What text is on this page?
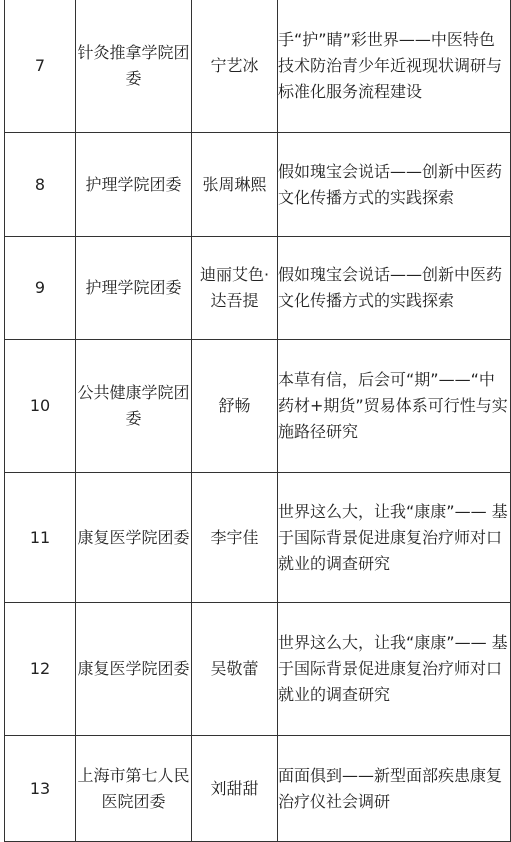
7	针灸推拿学院团委	宁艺冰	手“护”睛”彩世界——中医特色技术防治青少年近视现状调研与标准化服务流程建设
8	护理学院团委	张周琳熙	假如瑰宝会说话——创新中医药文化传播方式的实践探索
9	护理学院团委	迪丽艾色·达吾提	假如瑰宝会说话——创新中医药文化传播方式的实践探索
10	公共健康学院团委	舒畅	本草有信，后会可“期”——“中药材+期货”贸易体系可行性与实施路径研究
11	康复医学院团委	李宇佳	世界这么大，让我“康康”—— 基于国际背景促进康复治疗师对口就业的调查研究
12	康复医学院团委	吴敬蕾	世界这么大，让我“康康”—— 基于国际背景促进康复治疗师对口就业的调查研究
13	上海市第七人民医院团委	刘甜甜	面面俱到——新型面部疾患康复治疗仪社会调研
